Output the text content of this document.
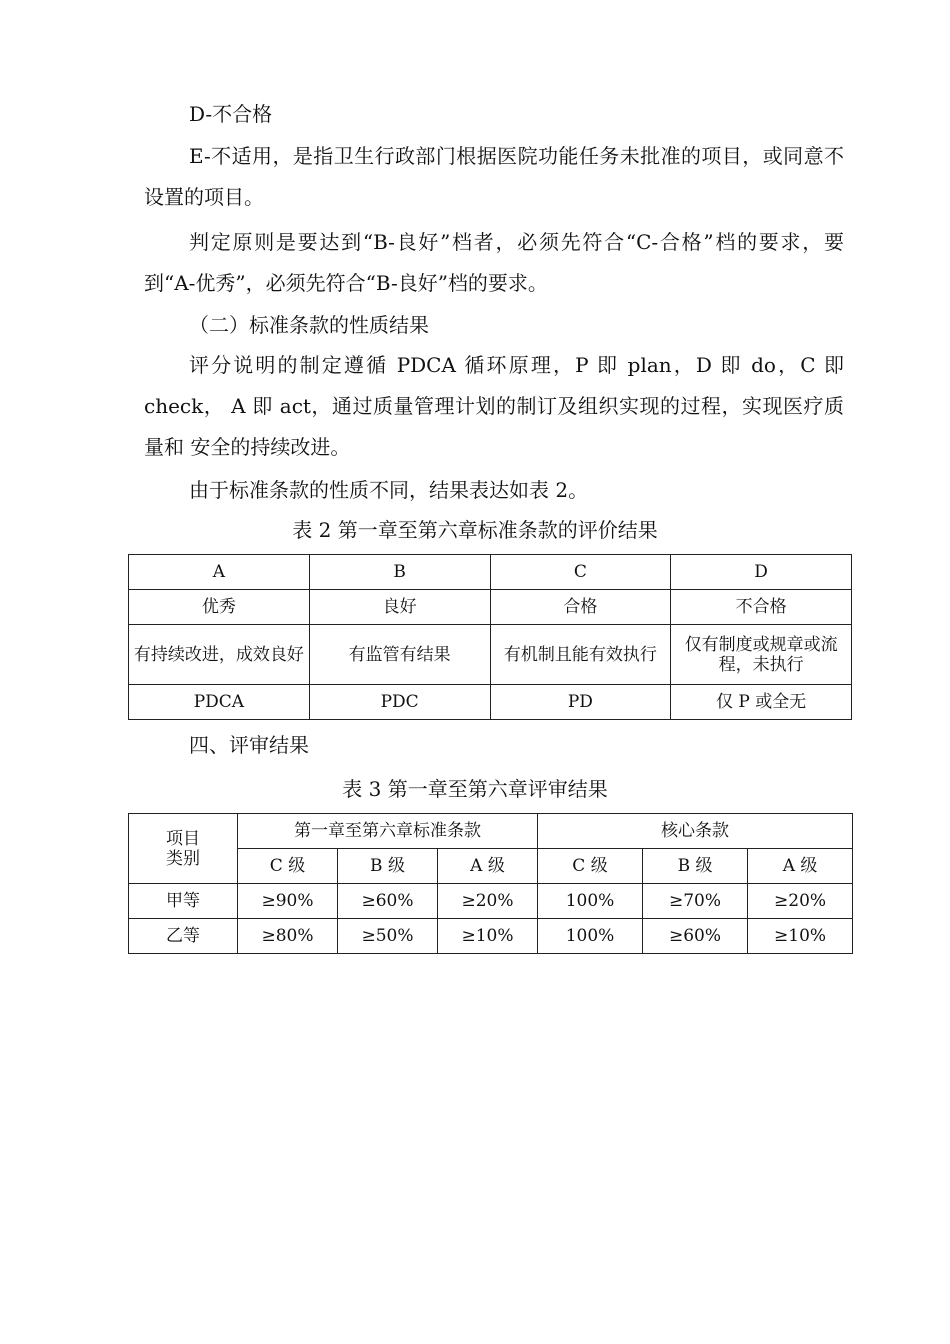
D-不合格

E-不适用，是指卫生行政部门根据医院功能任务未批准的项目，或同意不设置的项目。

判定原则是要达到“B-良好”档者，必须先符合“C-合格”档的要求，要到“A-优秀”，必须先符合“B-良好”档的要求。

（二）标准条款的性质结果

评分说明的制定遵循 PDCA 循环原理，P 即 plan，D 即 do，C 即 check， A 即 act，通过质量管理计划的制订及组织实现的过程，实现医疗质量和 安全的持续改进。

由于标准条款的性质不同，结果表达如表 2。

表 2 第一章至第六章标准条款的评价结果
A	B	C	D
优秀	良好	合格	不合格
有持续改进，成效良好	有监管有结果	有机制且能有效执行	仅有制度或规章或流程，未执行
PDCA	PDC	PD	仅 P 或全无

四、评审结果

表 3 第一章至第六章评审结果
项目类别	第一章至第六章标准条款			核心条款		
	C 级	B 级	A 级	C 级	B 级	A 级
甲等	≥90%	≥60%	≥20%	100%	≥70%	≥20%
乙等	≥80%	≥50%	≥10%	100%	≥60%	≥10%
